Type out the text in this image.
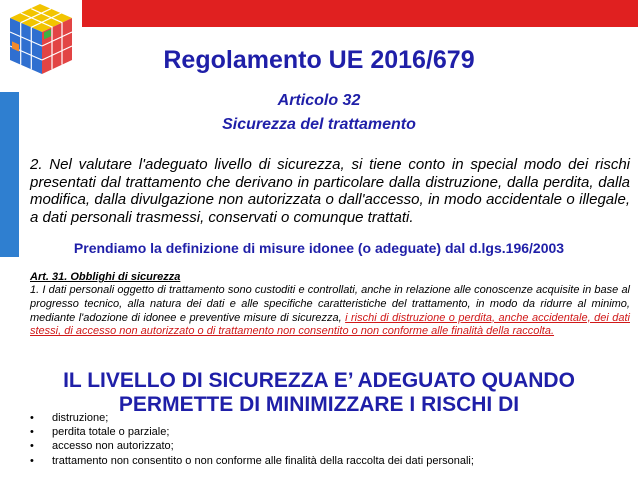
Regolamento UE 2016/679
Articolo 32
Sicurezza del trattamento
2. Nel valutare l'adeguato livello di sicurezza, si tiene conto in special modo dei rischi presentati dal trattamento che derivano in particolare dalla distruzione, dalla perdita, dalla modifica, dalla divulgazione non autorizzata o dall'accesso, in modo accidentale o illegale, a dati personali trasmessi, conservati o comunque trattati.
Prendiamo la definizione di misure idonee (o adeguate) dal d.lgs.196/2003
Art. 31. Obblighi di sicurezza
1. I dati personali oggetto di trattamento sono custoditi e controllati, anche in relazione alle conoscenze acquisite in base al progresso tecnico, alla natura dei dati e alle specifiche caratteristiche del trattamento, in modo da ridurre al minimo, mediante l'adozione di idonee e preventive misure di sicurezza, i rischi di distruzione o perdita, anche accidentale, dei dati stessi, di accesso non autorizzato o di trattamento non consentito o non conforme alle finalità della raccolta.
IL LIVELLO DI SICUREZZA E’ ADEGUATO QUANDO
PERMETTE DI MINIMIZZARE I RISCHI DI
• distruzione;
• perdita totale o parziale;
• accesso non autorizzato;
• trattamento non consentito o non conforme alle finalità della raccolta dei dati personali;
